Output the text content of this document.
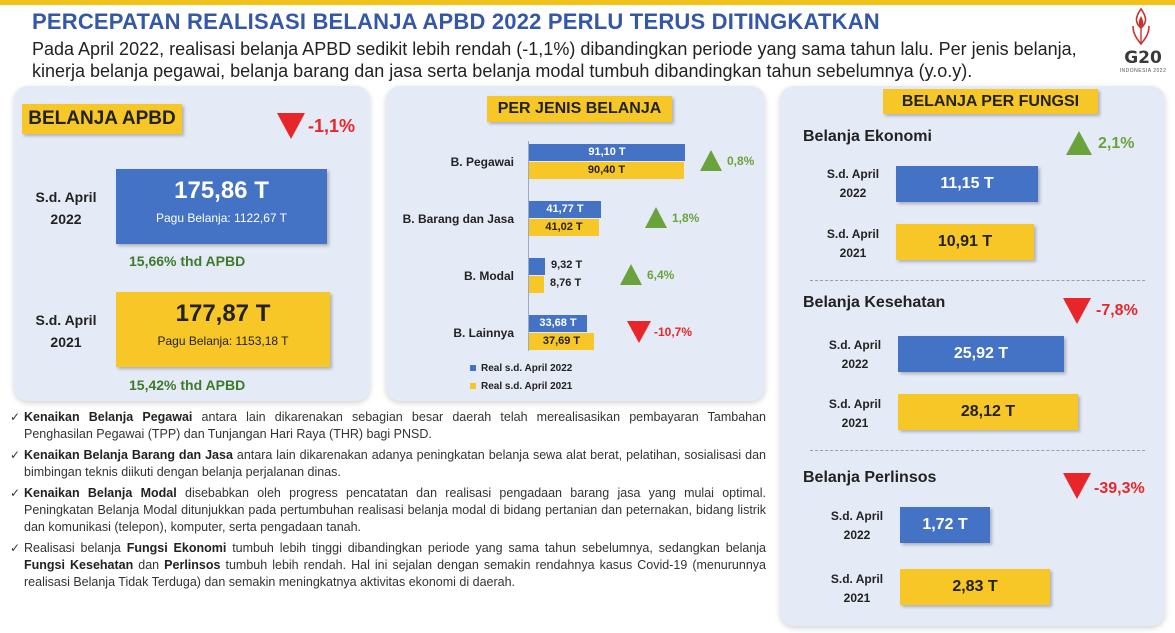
PERCEPATAN REALISASI BELANJA APBD 2022 PERLU TERUS DITINGKATKAN
Pada April 2022, realisasi belanja APBD sedikit lebih rendah (-1,1%) dibandingkan periode yang sama tahun lalu. Per jenis belanja, kinerja belanja pegawai, belanja barang dan jasa serta belanja modal tumbuh dibandingkan tahun sebelumnya (y.o.y).
G20
INDONESIA 2022
BELANJA APBD	-1,1%
S.d. April 2022
175,86 T
Pagu Belanja: 1122,67 T
15,66% thd APBD
S.d. April 2021
177,87 T
Pagu Belanja: 1153,18 T
15,42% thd APBD
PER JENIS BELANJA
B. Pegawai
91,10 T
90,40 T
0,8%
B. Barang dan Jasa
41,77 T
41,02 T
1,8%
B. Modal
9,32 T
8,76 T
6,4%
B. Lainnya
33,68 T
37,69 T
-10,7%
Real s.d. April 2022
Real s.d. April 2021
BELANJA PER FUNGSI
Belanja Ekonomi	2,1%
S.d. April 2022
11,15 T
S.d. April 2021
10,91 T
Belanja Kesehatan	-7,8%
S.d. April 2022
25,92 T
S.d. April 2021
28,12 T
Belanja Perlinsos
-39,3%
S.d. April 2022
1,72 T
S.d. April 2021
2,83 T
✓ Kenaikan Belanja Pegawai antara lain dikarenakan sebagian besar daerah telah merealisasikan pembayaran Tambahan Penghasilan Pegawai (TPP) dan Tunjangan Hari Raya (THR) bagi PNSD.
✓ Kenaikan Belanja Barang dan Jasa antara lain dikarenakan adanya peningkatan belanja sewa alat berat, pelatihan, sosialisasi dan bimbingan teknis diikuti dengan belanja perjalanan dinas.
✓ Kenaikan Belanja Modal disebabkan oleh progress pencatatan dan realisasi pengadaan barang jasa yang mulai optimal. Peningkatan Belanja Modal ditunjukkan pada pertumbuhan realisasi belanja modal di bidang pertanian dan peternakan, bidang listrik dan komunikasi (telepon), komputer, serta pengadaan tanah.
✓ Realisasi belanja Fungsi Ekonomi tumbuh lebih tinggi dibandingkan periode yang sama tahun sebelumnya, sedangkan belanja Fungsi Kesehatan dan Perlinsos tumbuh lebih rendah. Hal ini sejalan dengan semakin rendahnya kasus Covid-19 (menurunnya realisasi Belanja Tidak Terduga) dan semakin meningkatnya aktivitas ekonomi di daerah.
